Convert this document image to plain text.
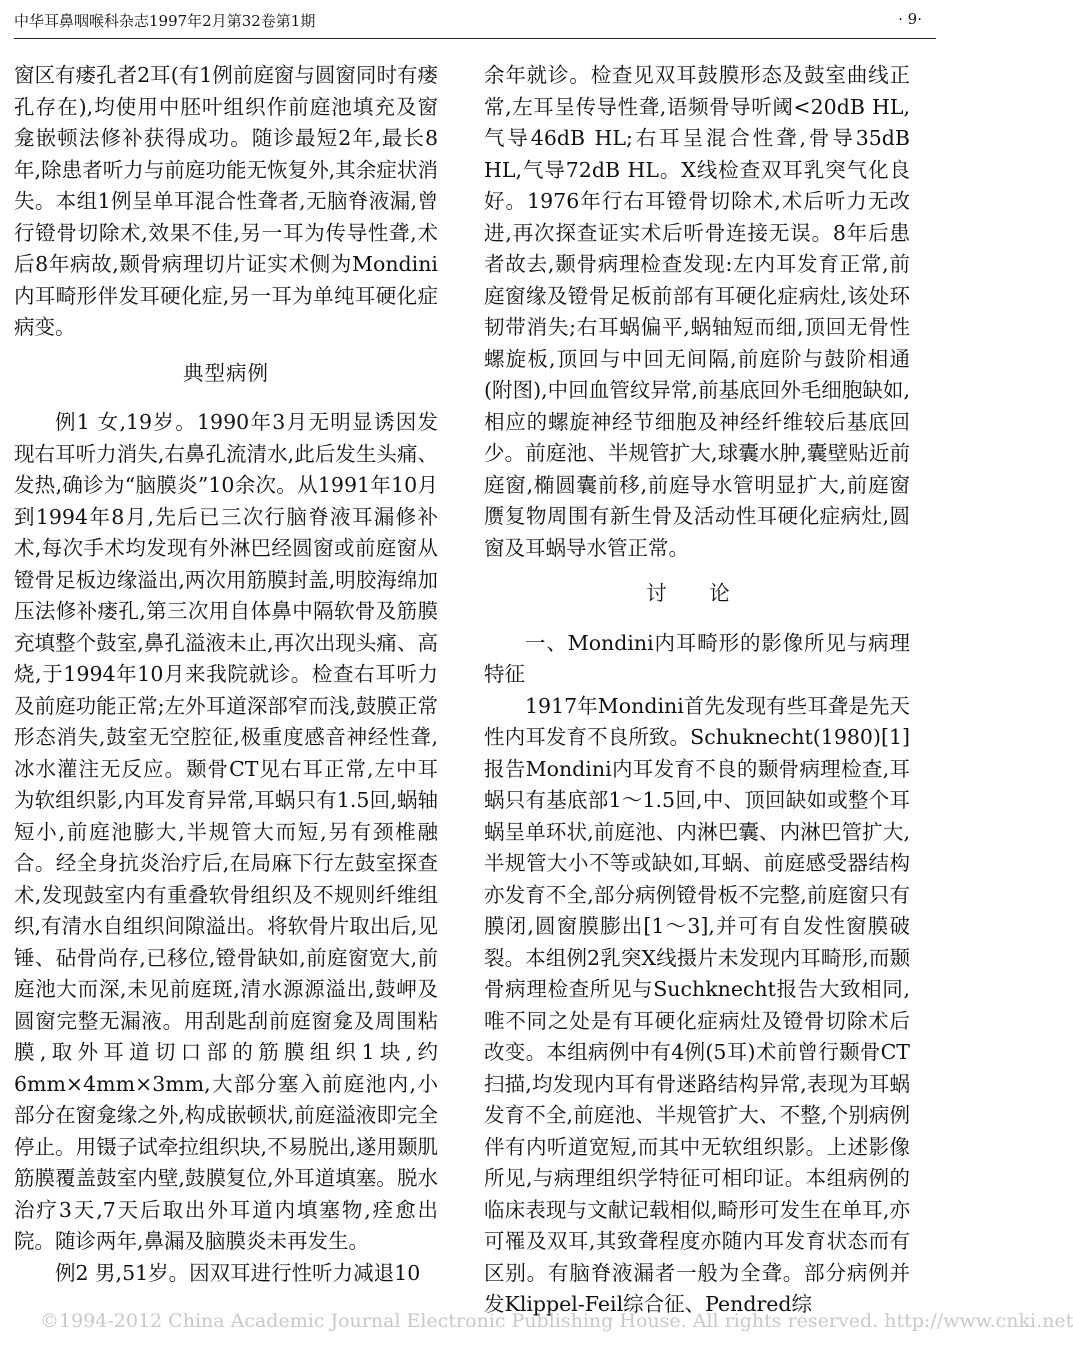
中华耳鼻咽喉科杂志1997年2月第32卷第1期	· 9·

窗区有瘘孔者2耳(有1例前庭窗与圆窗同时有瘘孔存在),均使用中胚叶组织作前庭池填充及窗龛嵌顿法修补获得成功。随诊最短2年,最长8年,除患者听力与前庭功能无恢复外,其余症状消失。本组1例呈单耳混合性聋者,无脑脊液漏,曾行镫骨切除术,效果不佳,另一耳为传导性聋,术后8年病故,颞骨病理切片证实术侧为Mondini内耳畸形伴发耳硬化症,另一耳为单纯耳硬化症病变。

典型病例

例1 女,19岁。1990年3月无明显诱因发现右耳听力消失,右鼻孔流清水,此后发生头痛、发热,确诊为“脑膜炎”10余次。从1991年10月到1994年8月,先后已三次行脑脊液耳漏修补术,每次手术均发现有外淋巴经圆窗或前庭窗从镫骨足板边缘溢出,两次用筋膜封盖,明胶海绵加压法修补瘘孔,第三次用自体鼻中隔软骨及筋膜充填整个鼓室,鼻孔溢液未止,再次出现头痛、高烧,于1994年10月来我院就诊。检查右耳听力及前庭功能正常;左外耳道深部窄而浅,鼓膜正常形态消失,鼓室无空腔征,极重度感音神经性聋,冰水灌注无反应。颞骨CT见右耳正常,左中耳为软组织影,内耳发育异常,耳蜗只有1.5回,蜗轴短小,前庭池膨大,半规管大而短,另有颈椎融合。经全身抗炎治疗后,在局麻下行左鼓室探查术,发现鼓室内有重叠软骨组织及不规则纤维组织,有清水自组织间隙溢出。将软骨片取出后,见锤、砧骨尚存,已移位,镫骨缺如,前庭窗宽大,前庭池大而深,未见前庭斑,清水源源溢出,鼓岬及圆窗完整无漏液。用刮匙刮前庭窗龛及周围粘膜,取外耳道切口部的筋膜组织1块,约6mm×4mm×3mm,大部分塞入前庭池内,小部分在窗龛缘之外,构成嵌顿状,前庭溢液即完全停止。用镊子试牵拉组织块,不易脱出,遂用颞肌筋膜覆盖鼓室内壁,鼓膜复位,外耳道填塞。脱水治疗3天,7天后取出外耳道内填塞物,痊愈出院。随诊两年,鼻漏及脑膜炎未再发生。

例2 男,51岁。因双耳进行性听力减退10

余年就诊。检查见双耳鼓膜形态及鼓室曲线正常,左耳呈传导性聋,语频骨导听阈<20dB HL,气导46dB HL;右耳呈混合性聋,骨导35dB HL,气导72dB HL。X线检查双耳乳突气化良好。1976年行右耳镫骨切除术,术后听力无改进,再次探查证实术后听骨连接无误。8年后患者故去,颞骨病理检查发现:左内耳发育正常,前庭窗缘及镫骨足板前部有耳硬化症病灶,该处环韧带消失;右耳蜗偏平,蜗轴短而细,顶回无骨性螺旋板,顶回与中回无间隔,前庭阶与鼓阶相通(附图),中回血管纹异常,前基底回外毛细胞缺如,相应的螺旋神经节细胞及神经纤维较后基底回少。前庭池、半规管扩大,球囊水肿,囊壁贴近前庭窗,椭圆囊前移,前庭导水管明显扩大,前庭窗赝复物周围有新生骨及活动性耳硬化症病灶,圆窗及耳蜗导水管正常。

讨 论

一、Mondini内耳畸形的影像所见与病理特征

1917年Mondini首先发现有些耳聋是先天性内耳发育不良所致。Schuknecht(1980)[1]报告Mondini内耳发育不良的颞骨病理检查,耳蜗只有基底部1～1.5回,中、顶回缺如或整个耳蜗呈单环状,前庭池、内淋巴囊、内淋巴管扩大,半规管大小不等或缺如,耳蜗、前庭感受器结构亦发育不全,部分病例镫骨板不完整,前庭窗只有膜闭,圆窗膜膨出[1～3],并可有自发性窗膜破裂。本组例2乳突X线摄片未发现内耳畸形,而颞骨病理检查所见与Suchknecht报告大致相同,唯不同之处是有耳硬化症病灶及镫骨切除术后改变。本组病例中有4例(5耳)术前曾行颞骨CT扫描,均发现内耳有骨迷路结构异常,表现为耳蜗发育不全,前庭池、半规管扩大、不整,个别病例伴有内听道宽短,而其中无软组织影。上述影像所见,与病理组织学特征可相印证。本组病例的临床表现与文献记载相似,畸形可发生在单耳,亦可罹及双耳,其致聋程度亦随内耳发育状态而有区别。有脑脊液漏者一般为全聋。部分病例并发Klippel-Feil综合征、Pendred综

©1994-2012 China Academic Journal Electronic Publishing House. All rights reserved. http://www.cnki.net
